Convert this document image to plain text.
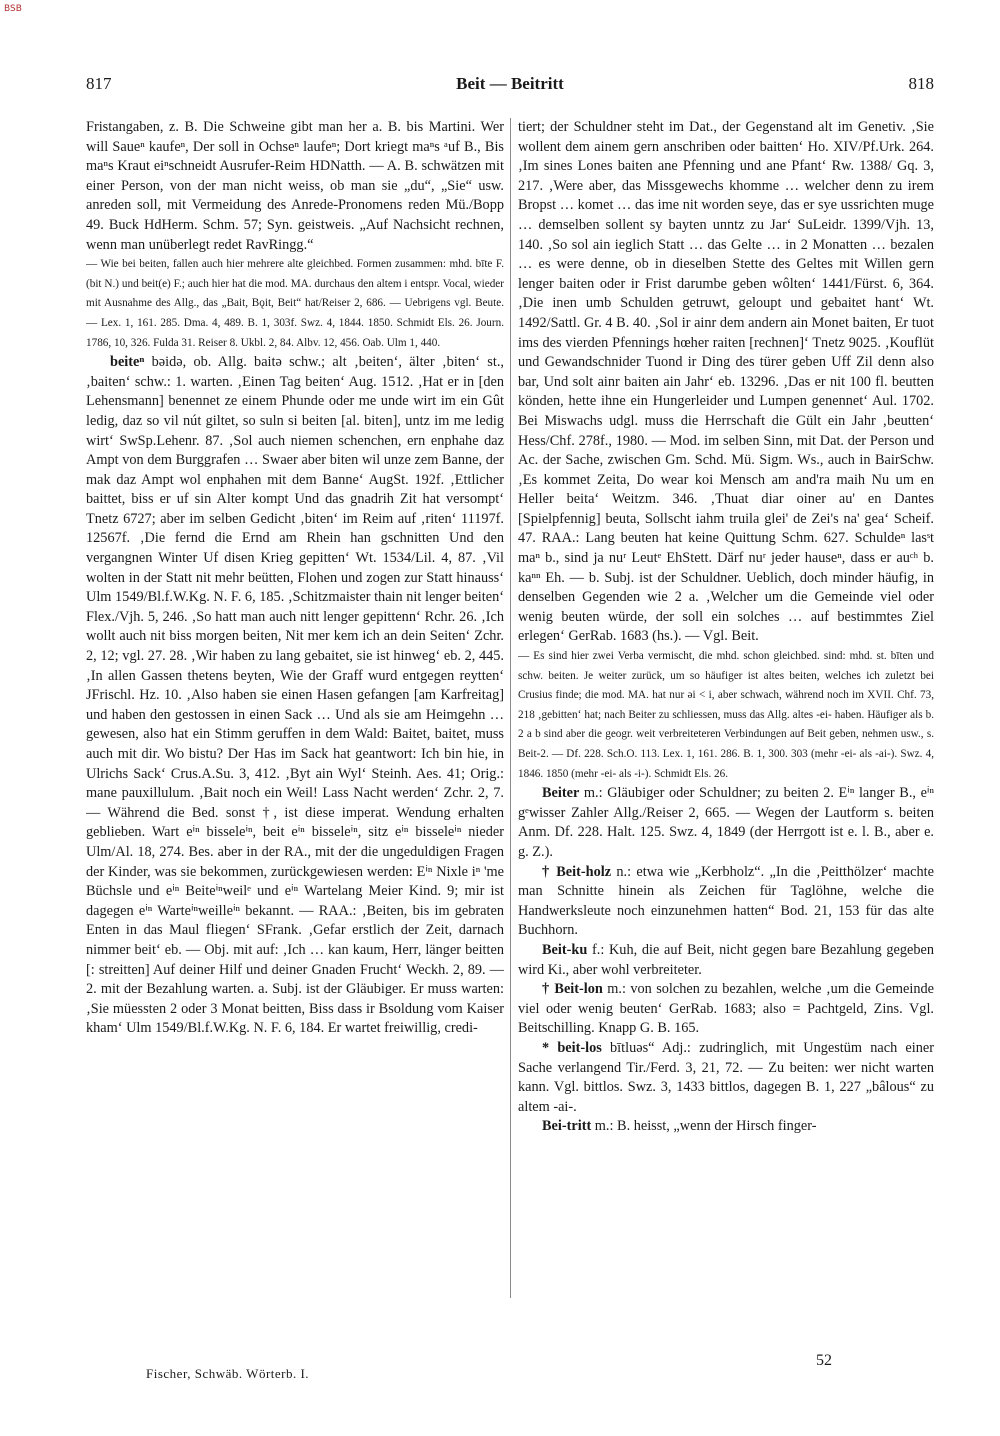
BSB
817	Beit — Beitritt	818

Fristangaben, z. B. Die Schweine gibt man her a. B. bis Martini. Wer will Saueⁿ kaufeⁿ, Der soll in Ochseⁿ laufeⁿ; Dort kriegt maⁿs ᵃuf B., Bis maⁿs Kraut eiⁿschneidt Ausrufer-Reim HDNatth. — A. B. schwätzen mit einer Person, von der man nicht weiss, ob man sie „du“, „Sie“ usw. anreden soll, mit Vermeidung des Anrede-Pronomens reden Mü./Bopp 49. Buck HdHerm. Schm. 57; Syn. geistweis. „Auf Nachsicht rechnen, wenn man unüberlegt redet RavRingg.“

— Wie bei beiten, fallen auch hier mehrere alte gleichbed. Formen zusammen: mhd. bīte F. (bit N.) und beit(e) F.; auch hier hat die mod. MA. durchaus den altem i entspr. Vocal, wieder mit Ausnahme des Allg., das „Bait, Bǫit, Beit“ hat/Reiser 2, 686. — Uebrigens vgl. Beute. — Lex. 1, 161. 285. Dma. 4, 489. B. 1, 303f. Swz. 4, 1844. 1850. Schmidt Els. 26. Journ. 1786, 10, 326. Fulda 31. Reiser 8. Ukbl. 2, 84. Albv. 12, 456. Oab. Ulm 1, 440.

beiteⁿ bəidə, ob. Allg. baitə schw.; alt ‚beiten‘, älter ‚biten‘ st., ‚baiten‘ schw.: 1. warten. ‚Einen Tag beiten‘ Aug. 1512. ‚Hat er in [den Lehensmann] benennet ze einem Phunde oder me unde wirt im ein Gût ledig, daz so vil nút giltet, so suln si beiten [al. biten], untz im me ledig wirt‘ SwSp.Lehenr. 87. ‚Sol auch niemen schenchen, ern enphahe daz Ampt von dem Burggrafen … Swaer aber biten wil unze zem Banne, der mak daz Ampt wol enphahen mit dem Banne‘ AugSt. 192f. ‚Ettlicher baittet, biss er uf sin Alter kompt Und das gnadrih Zit hat versompt‘ Tnetz 6727; aber im selben Gedicht ‚biten‘ im Reim auf ‚riten‘ 11197f. 12567f. ‚Die fernd die Ernd am Rhein han gschnitten Und den vergangnen Winter Uf disen Krieg gepitten‘ Wt. 1534/Lil. 4, 87. ‚Vil wolten in der Statt nit mehr beütten, Flohen und zogen zur Statt hinauss‘ Ulm 1549/Bl.f.W.Kg. N. F. 6, 185. ‚Schitzmaister thain nit lenger beiten‘ Flex./Vjh. 5, 246. ‚So hatt man auch nitt lenger gepittenn‘ Rchr. 26. ‚Ich wollt auch nit biss morgen beiten, Nit mer kem ich an dein Seiten‘ Zchr. 2, 12; vgl. 27. 28. ‚Wir haben zu lang gebaitet, sie ist hinweg‘ eb. 2, 445. ‚In allen Gassen thetens beyten, Wie der Graff wurd entgegen reytten‘ JFrischl. Hz. 10. ‚Also haben sie einen Hasen gefangen [am Karfreitag] und haben den gestossen in einen Sack … Und als sie am Heimgehn … gewesen, also hat ein Stimm geruffen in dem Wald: Baitet, baitet, muss auch mit dir. Wo bistu? Der Has im Sack hat geantwort: Ich bin hie, in Ulrichs Sack‘ Crus.A.Su. 3, 412. ‚Byt ain Wyl‘ Steinh. Aes. 41; Orig.: mane pauxillulum. ‚Bait noch ein Weil! Lass Nacht werden‘ Zchr. 2, 7. — Während die Bed. sonst †, ist diese imperat. Wendung erhalten geblieben. Wart eⁱⁿ bisseleⁱⁿ, beit eⁱⁿ bisseleⁱⁿ, sitz eⁱⁿ bisseleⁱⁿ nieder Ulm/Al. 18, 274. Bes. aber in der RA., mit der die ungeduldigen Fragen der Kinder, was sie bekommen, zurückgewiesen werden: Eⁱⁿ Nixle iⁿ 'me Büchsle und eⁱⁿ Beiteⁱⁿweilᵉ und eⁱⁿ Wartelang Meier Kind. 9; mir ist dagegen eⁱⁿ Warteⁱⁿweilleⁱⁿ bekannt. — RAA.: ‚Beiten, bis im gebraten Enten in das Maul fliegen‘ SFrank. ‚Gefar erstlich der Zeit, darnach nimmer beit‘ eb. — Obj. mit auf: ‚Ich … kan kaum, Herr, länger beitten [: streitten] Auf deiner Hilf und deiner Gnaden Frucht‘ Weckh. 2, 89. — 2. mit der Bezahlung warten. a. Subj. ist der Gläubiger. Er muss warten: ‚Sie müessten 2 oder 3 Monat beitten, Biss dass ir Bsoldung vom Kaiser kham‘ Ulm 1549/Bl.f.W.Kg. N. F. 6, 184. Er wartet freiwillig, credi-

tiert; der Schuldner steht im Dat., der Gegenstand alt im Genetiv. ‚Sie wollent dem ainem gern anschriben oder baitten‘ Ho. XIV/Pf.Urk. 264. ‚Im sines Lones baiten ane Pfenning und ane Pfant‘ Rw. 1388/ Gq. 3, 217. ‚Were aber, das Missgewechs khomme … welcher denn zu irem Bropst … komet … das ime nit worden seye, das er sye ussrichten muge … demselben sollent sy bayten unntz zu Jar‘ SuLeidr. 1399/Vjh. 13, 140. ‚So sol ain ieglich Statt … das Gelte … in 2 Monatten … bezalen … es were denne, ob in dieselben Stette des Geltes mit Willen gern lenger baiten oder ir Frist darumbe geben wôlten‘ 1441/Fürst. 6, 364. ‚Die inen umb Schulden getruwt, geloupt und gebaitet hant‘ Wt. 1492/Sattl. Gr. 4 B. 40. ‚Sol ir ainr dem andern ain Monet baiten, Er tuot ims des vierden Pfennings hœher raiten [rechnen]‘ Tnetz 9025. ‚Kouflüt und Gewandschnider Tuond ir Ding des türer geben Uff Zil denn also bar, Und solt ainr baiten ain Jahr‘ eb. 13296. ‚Das er nit 100 fl. beutten könden, hette ihne ein Hungerleider und Lumpen genennet‘ Aul. 1702. Bei Miswachs udgl. muss die Herrschaft die Gült ein Jahr ‚beutten‘ Hess/Chf. 278f., 1980. — Mod. im selben Sinn, mit Dat. der Person und Ac. der Sache, zwischen Gm. Schd. Mü. Sigm. Ws., auch in BairSchw. ‚Es kommet Zeita, Do wear koi Mensch am and'ra maih Nu um en Heller beita‘ Weitzm. 346. ‚Thuat diar oiner au' en Dantes [Spielpfennig] beuta, Sollscht iahm truila glei' de Zei's na' gea‘ Scheif. 47. RAA.: Lang beuten hat keine Quittung Schm. 627. Schuldeⁿ lasˢt maⁿ b., sind ja nuʳ Leutᵉ EhStett. Därf nuʳ jeder hauseⁿ, dass er auᶜʰ b. kaⁿⁿ Eh. — b. Subj. ist der Schuldner. Ueblich, doch minder häufig, in denselben Gegenden wie 2 a. ‚Welcher um die Gemeinde viel oder wenig beuten würde, der soll ein solches … auf bestimmtes Ziel erlegen‘ GerRab. 1683 (hs.). — Vgl. Beit.

— Es sind hier zwei Verba vermischt, die mhd. schon gleichbed. sind: mhd. st. bīten und schw. beiten. Je weiter zurück, um so häufiger ist altes beiten, welches ich zuletzt bei Crusius finde; die mod. MA. hat nur əi < i, aber schwach, während noch im XVII. Chf. 73, 218 ‚gebitten‘ hat; nach Beiter zu schliessen, muss das Allg. altes -ei- haben. Häufiger als b. 2 a b sind aber die geogr. weit verbreiteteren Verbindungen auf Beit geben, nehmen usw., s. Beit-2. — Df. 228. Sch.O. 113. Lex. 1, 161. 286. B. 1, 300. 303 (mehr -ei- als -ai-). Swz. 4, 1846. 1850 (mehr -ei- als -i-). Schmidt Els. 26.

Beiter m.: Gläubiger oder Schuldner; zu beiten 2. Eⁱⁿ langer B., eⁱⁿ gᵉwisser Zahler Allg./Reiser 2, 665. — Wegen der Lautform s. beiten Anm. Df. 228. Halt. 125. Swz. 4, 1849 (der Herrgott ist e. l. B., aber e. g. Z.).

† Beit-holz n.: etwa wie „Kerbholz“. „In die ‚Peitthölzer‘ machte man Schnitte hinein als Zeichen für Taglöhne, welche die Handwerksleute noch einzunehmen hatten“ Bod. 21, 153 für das alte Buchhorn.

Beit-ku f.: Kuh, die auf Beit, nicht gegen bare Bezahlung gegeben wird Ki., aber wohl verbreiteter.

† Beit-lon m.: von solchen zu bezahlen, welche ‚um die Gemeinde viel oder wenig beuten‘ GerRab. 1683; also = Pachtgeld, Zins. Vgl. Beitschilling. Knapp G. B. 165.

* beit-los bītluəs“ Adj.: zudringlich, mit Ungestüm nach einer Sache verlangend Tir./Ferd. 3, 21, 72. — Zu beiten: wer nicht warten kann. Vgl. bittlos. Swz. 3, 1433 bittlos, dagegen B. 1, 227 „bâlous“ zu altem -ai-.

Bei-tritt m.: B. heisst, „wenn der Hirsch finger-

Fischer, Schwäb. Wörterb. I.
52
